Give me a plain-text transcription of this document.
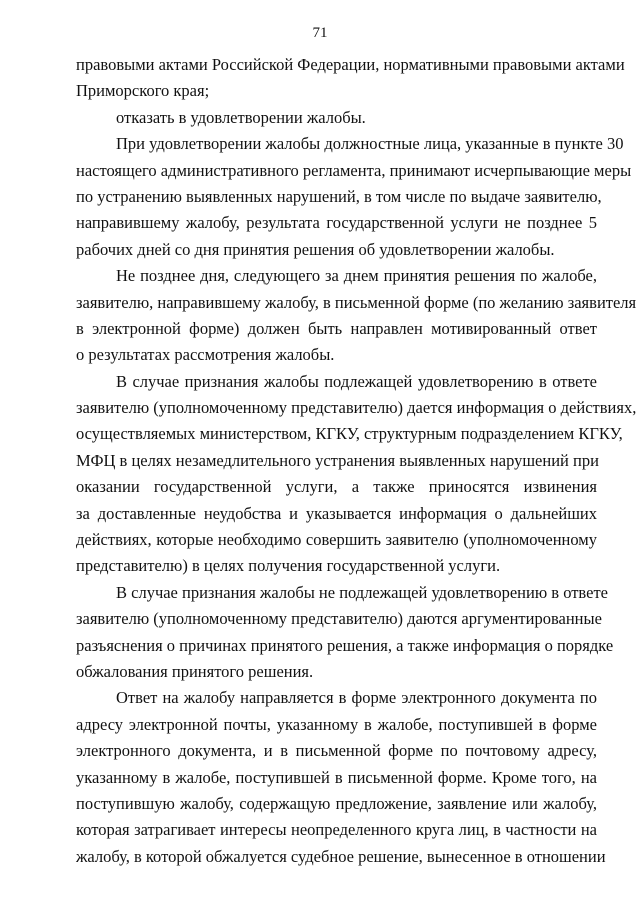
71
правовыми актами Российской Федерации, нормативными правовыми актами
Приморского края;
отказать в удовлетворении жалобы.
При удовлетворении жалобы должностные лица, указанные в пункте 30
настоящего административного регламента, принимают исчерпывающие меры
по устранению выявленных нарушений, в том числе по выдаче заявителю,
направившему жалобу, результата государственной услуги не позднее 5
рабочих дней со дня принятия решения об удовлетворении жалобы.
Не позднее дня, следующего за днем принятия решения по жалобе,
заявителю, направившему жалобу, в письменной форме (по желанию заявителя
в электронной форме) должен быть направлен мотивированный ответ
о результатах рассмотрения жалобы.
В случае признания жалобы подлежащей удовлетворению в ответе
заявителю (уполномоченному представителю) дается информация о действиях,
осуществляемых министерством, КГКУ, структурным подразделением КГКУ,
МФЦ в целях незамедлительного устранения выявленных нарушений при
оказании государственной услуги, а также приносятся извинения
за доставленные неудобства и указывается информация о дальнейших
действиях, которые необходимо совершить заявителю (уполномоченному
представителю) в целях получения государственной услуги.
В случае признания жалобы не подлежащей удовлетворению в ответе
заявителю (уполномоченному представителю) даются аргументированные
разъяснения о причинах принятого решения, а также информация о порядке
обжалования принятого решения.
Ответ на жалобу направляется в форме электронного документа по
адресу электронной почты, указанному в жалобе, поступившей в форме
электронного документа, и в письменной форме по почтовому адресу,
указанному в жалобе, поступившей в письменной форме. Кроме того, на
поступившую жалобу, содержащую предложение, заявление или жалобу,
которая затрагивает интересы неопределенного круга лиц, в частности на
жалобу, в которой обжалуется судебное решение, вынесенное в отношении
